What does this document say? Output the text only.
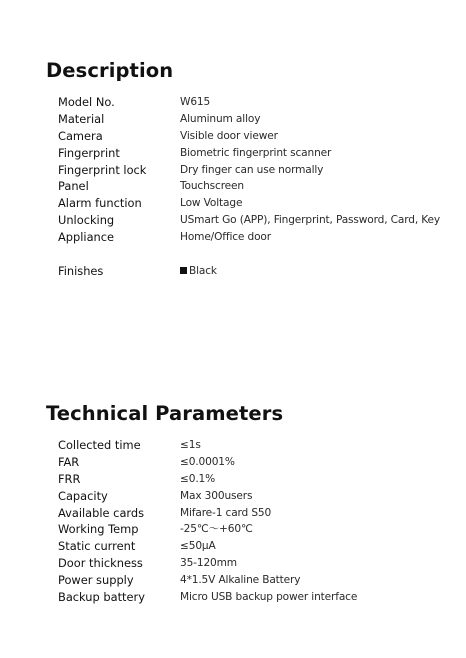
Description
Model No.	W615
Material	Aluminum alloy
Camera	Visible door viewer
Fingerprint	Biometric fingerprint scanner
Fingerprint lock	Dry finger can use normally
Panel	Touchscreen
Alarm function	Low Voltage
Unlocking	USmart Go (APP), Fingerprint, Password, Card, Key
Appliance	Home/Office door
Finishes	Black
Technical Parameters
Collected time	≤1s
FAR	≤0.0001%
FRR	≤0.1%
Capacity	Max 300users
Available cards	Mifare-1 card S50
Working Temp	-25℃～+60℃
Static current	≤50μA
Door thickness	35-120mm
Power supply	4*1.5V Alkaline Battery
Backup battery	Micro USB backup power interface
